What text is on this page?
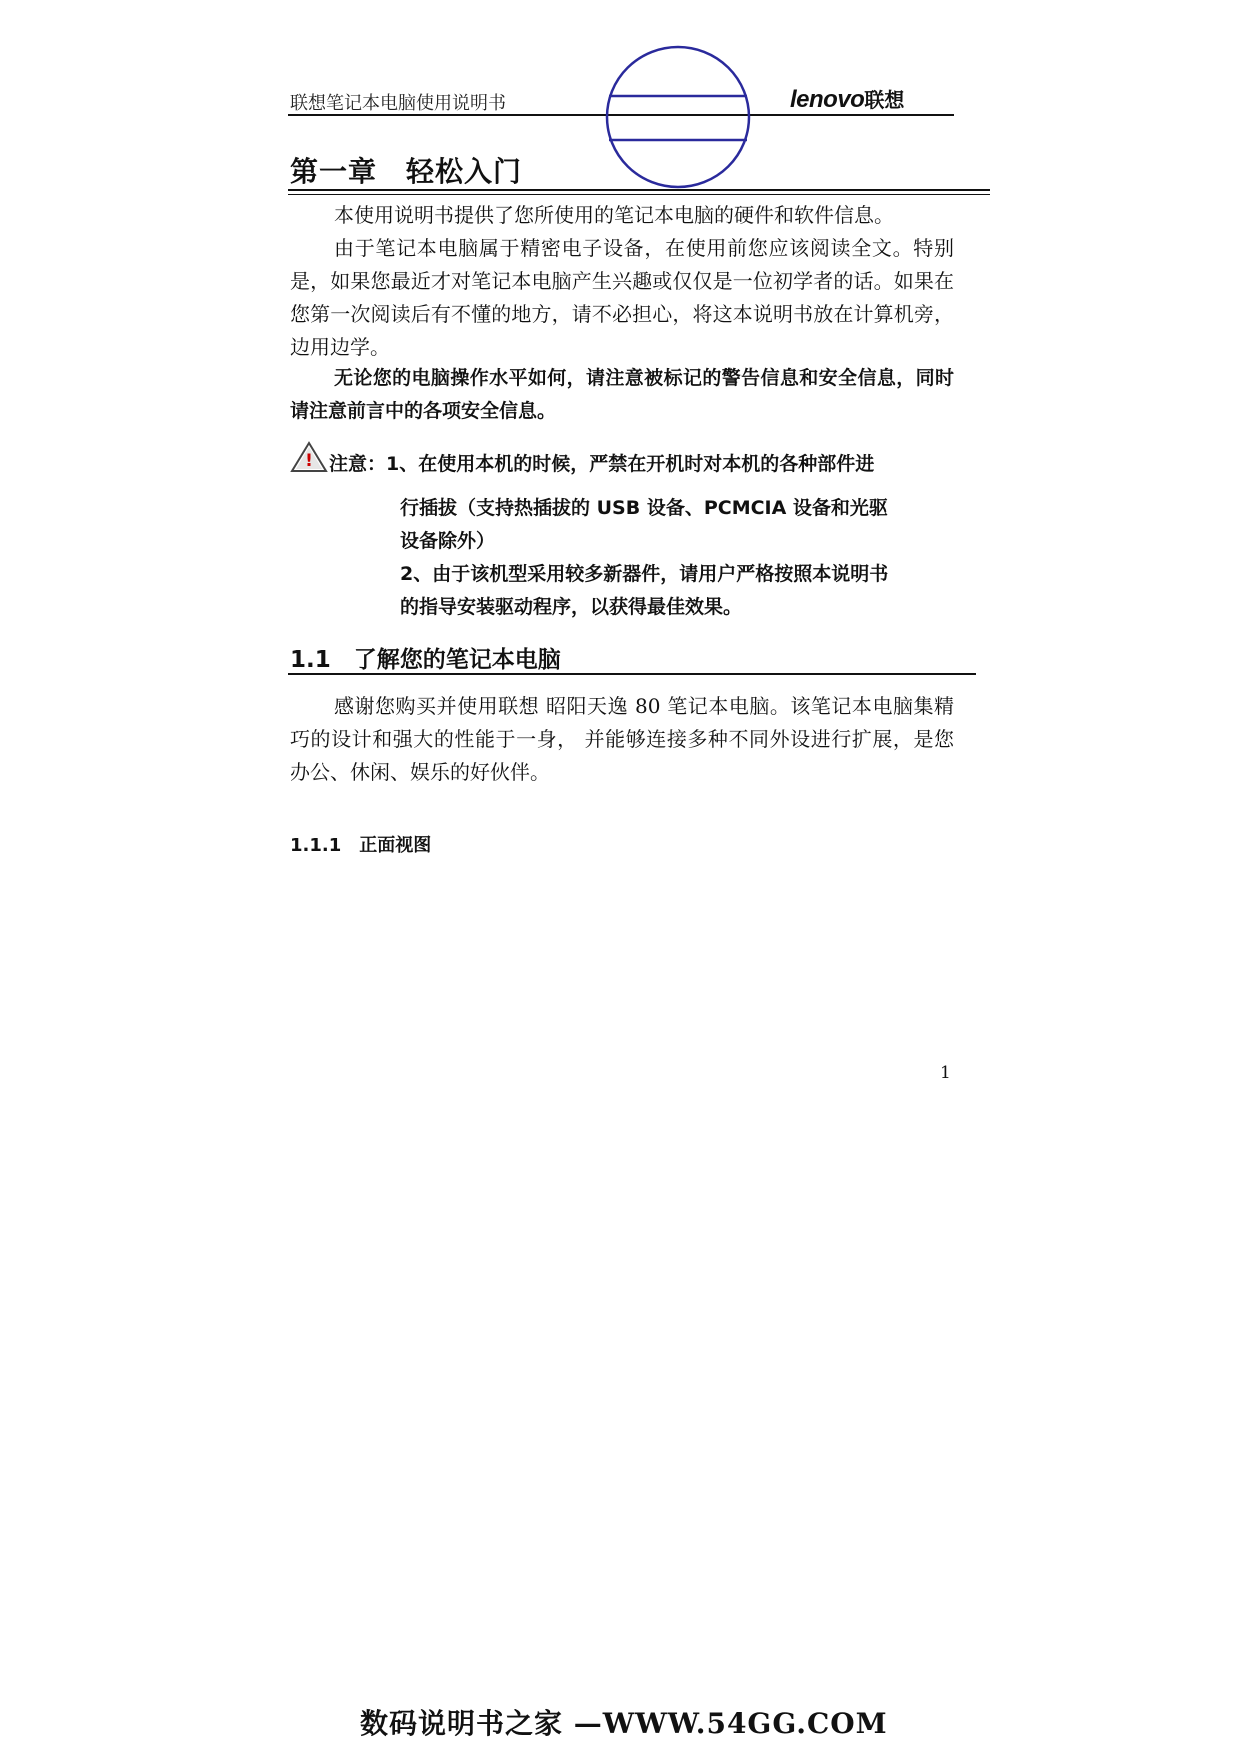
联想笔记本电脑使用说明书	lenovo联想
第一章　轻松入门
本使用说明书提供了您所使用的笔记本电脑的硬件和软件信息。
由于笔记本电脑属于精密电子设备，在使用前您应该阅读全文。特别是，如果您最近才对笔记本电脑产生兴趣或仅仅是一位初学者的话。如果在您第一次阅读后有不懂的地方，请不必担心，将这本说明书放在计算机旁，边用边学。
无论您的电脑操作水平如何，请注意被标记的警告信息和安全信息，同时请注意前言中的各项安全信息。
! 注意：1、在使用本机的时候，严禁在开机时对本机的各种部件进
行插拔（支持热插拔的 USB 设备、PCMCIA 设备和光驱
设备除外）
2、由于该机型采用较多新器件，请用户严格按照本说明书
的指导安装驱动程序，以获得最佳效果。
1.1　了解您的笔记本电脑
感谢您购买并使用联想 昭阳天逸 80 笔记本电脑。该笔记本电脑集精巧的设计和强大的性能于一身， 并能够连接多种不同外设进行扩展，是您办公、休闲、娱乐的好伙伴。
1.1.1　正面视图
1
数码说明书之家 —WWW.54GG.COM
